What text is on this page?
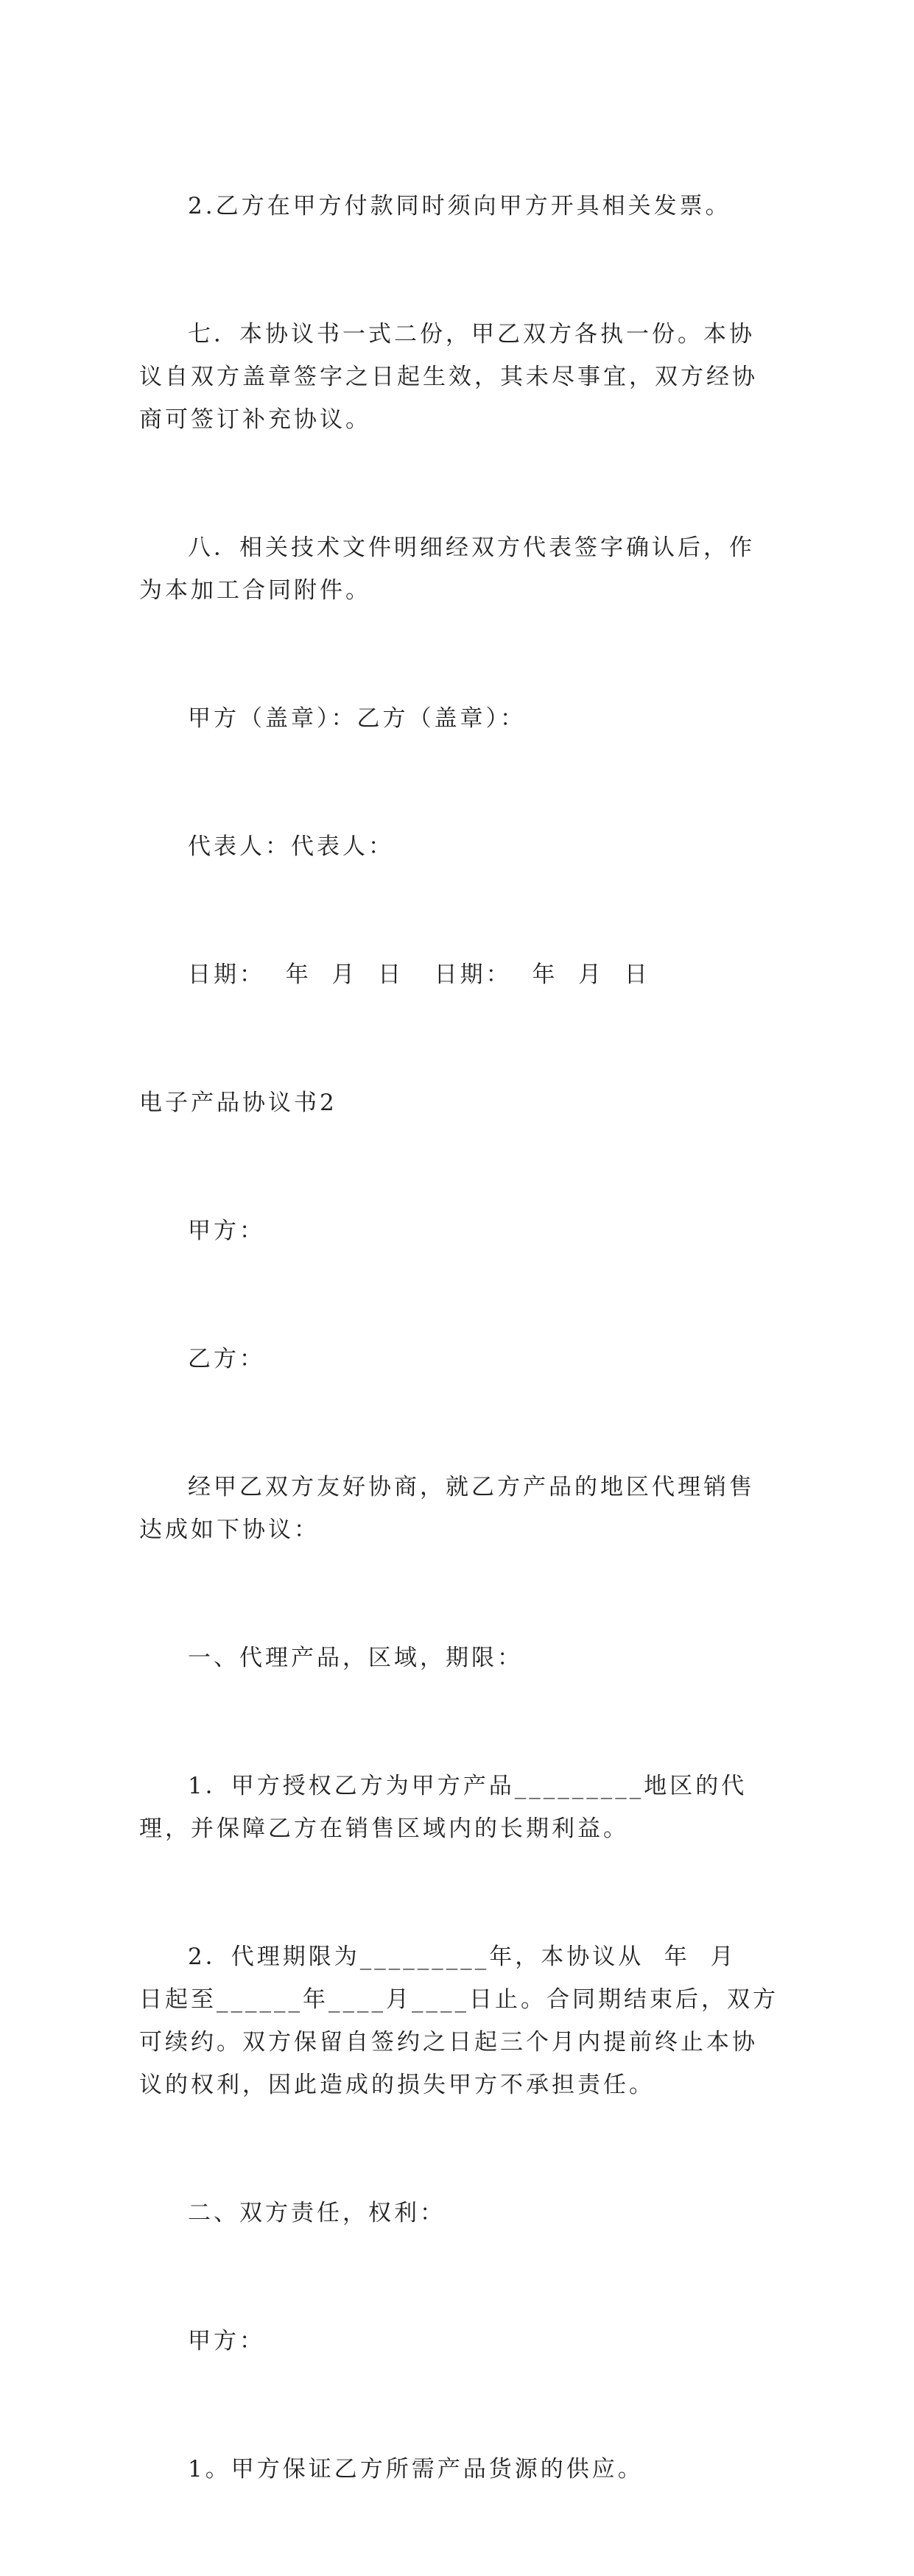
2.乙方在甲方付款同时须向甲方开具相关发票。

七．本协议书一式二份，甲乙双方各执一份。本协议自双方盖章签字之日起生效，其未尽事宜，双方经协商可签订补充协议。

八．相关技术文件明细经双方代表签字确认后，作为本加工合同附件。

甲方（盖章）：乙方（盖章）：

代表人：代表人：

日期：  年  月  日   日期：  年  月  日

电子产品协议书2

甲方：

乙方：

经甲乙双方友好协商，就乙方产品的地区代理销售达成如下协议：

一、代理产品，区域，期限：

1．甲方授权乙方为甲方产品_________地区的代理，并保障乙方在销售区域内的长期利益。

2．代理期限为_________年，本协议从  年  月  日起至______年____月____日止。合同期结束后，双方可续约。双方保留自签约之日起三个月内提前终止本协议的权利，因此造成的损失甲方不承担责任。

二、双方责任，权利：

甲方：

1。甲方保证乙方所需产品货源的供应。
